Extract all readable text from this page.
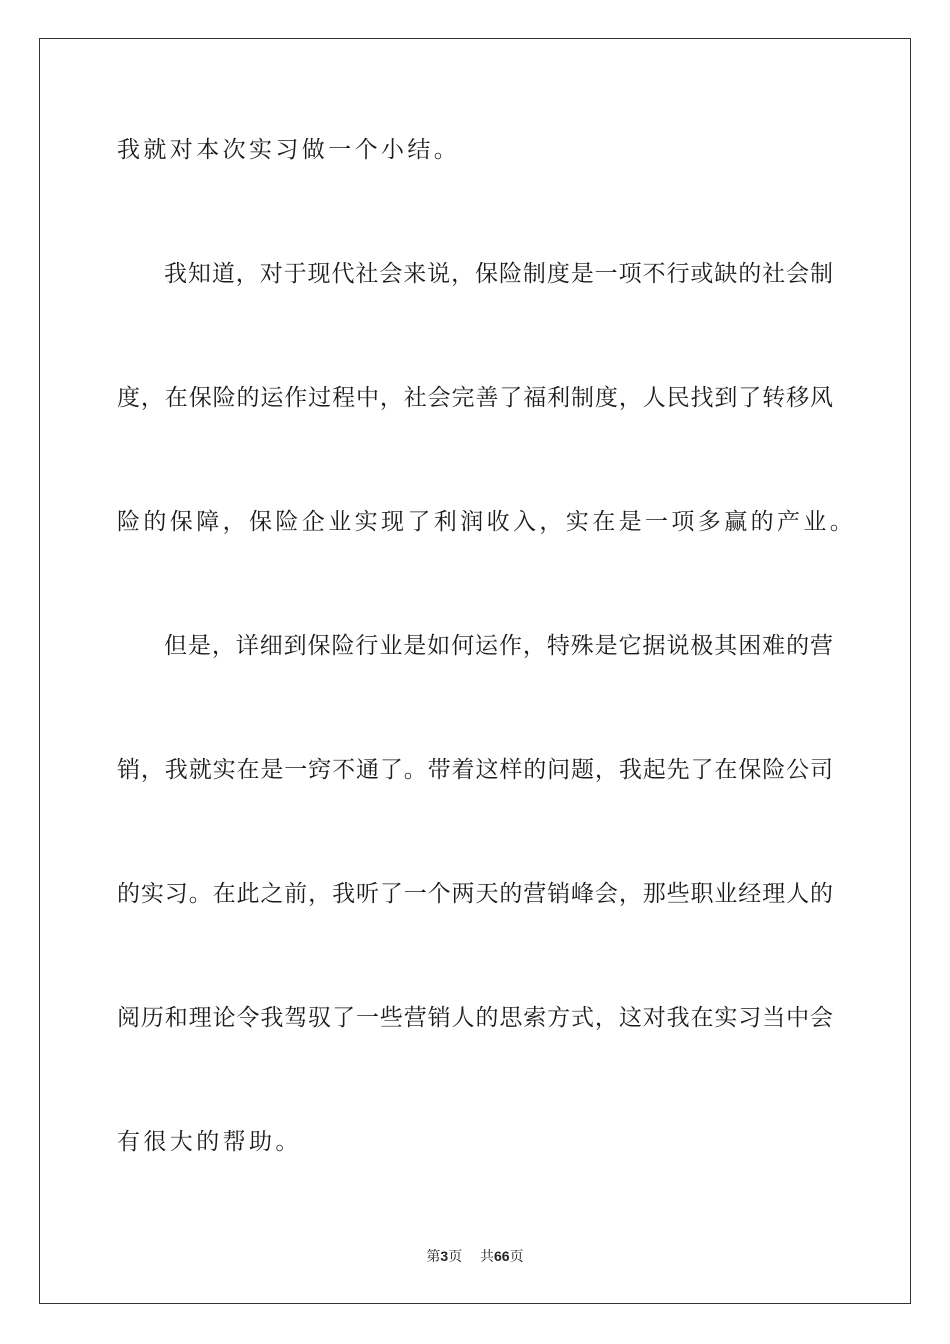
我就对本次实习做一个小结。
我知道，对于现代社会来说，保险制度是一项不行或缺的社会制
度，在保险的运作过程中，社会完善了福利制度，人民找到了转移风
险的保障，保险企业实现了利润收入，实在是一项多赢的产业。
但是，详细到保险行业是如何运作，特殊是它据说极其困难的营
销，我就实在是一窍不通了。带着这样的问题，我起先了在保险公司
的实习。在此之前，我听了一个两天的营销峰会，那些职业经理人的
阅历和理论令我驾驭了一些营销人的思索方式，这对我在实习当中会
有很大的帮助。
第3页 共66页
